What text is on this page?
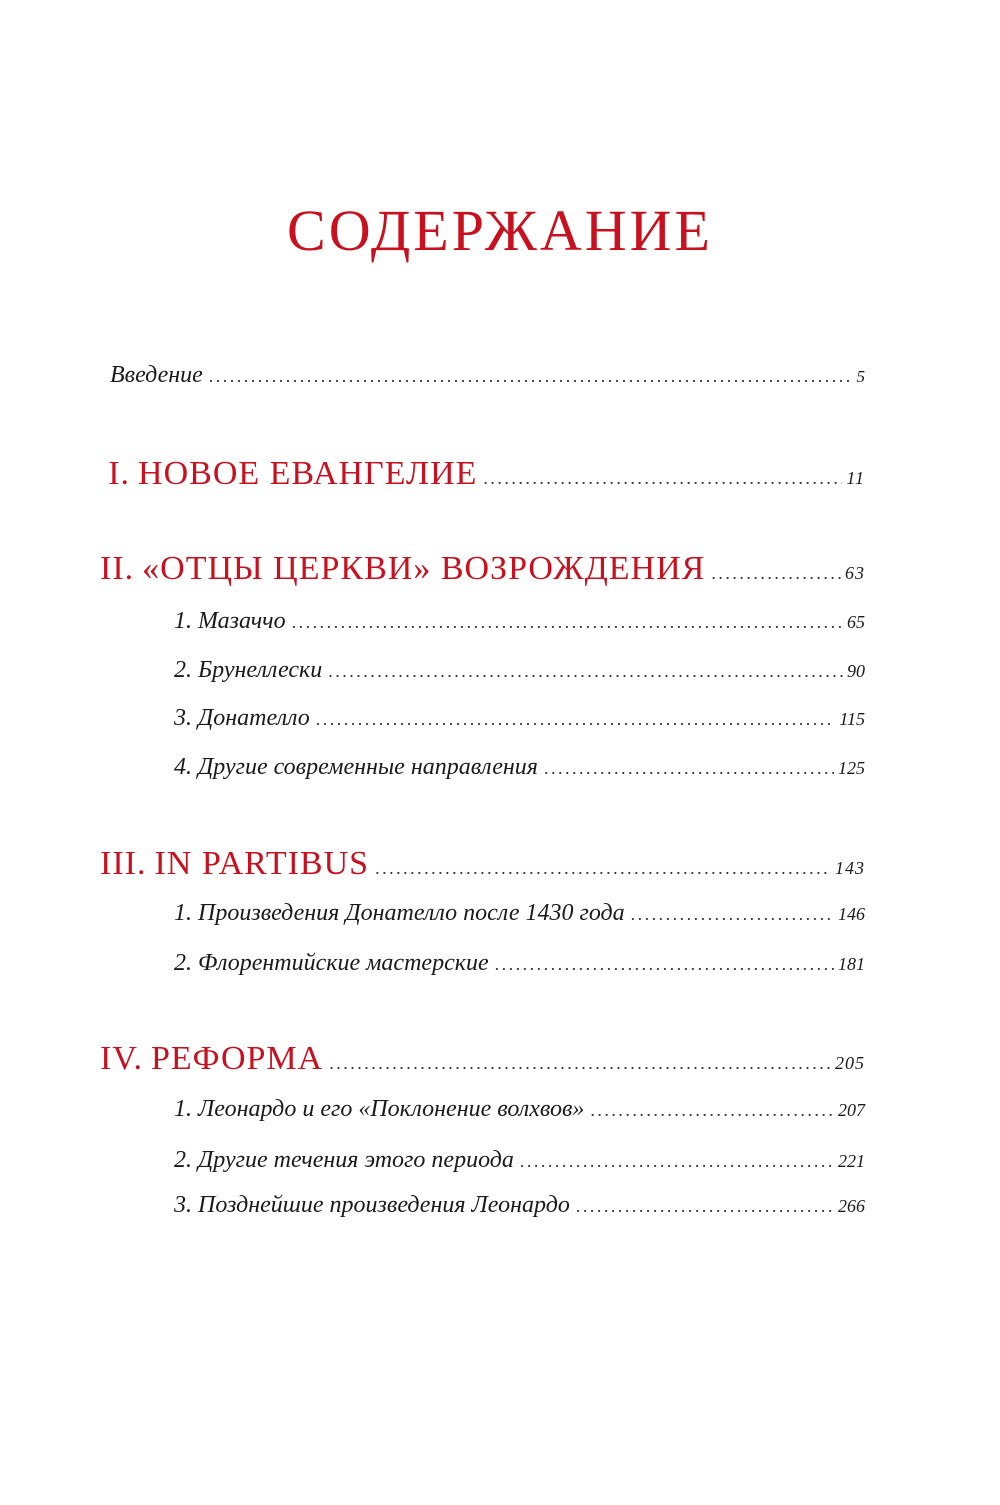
СОДЕРЖАНИЕ
Введение . . .	5
I. НОВОЕ ЕВАНГЕЛИЕ . . .	11
II. «ОТЦЫ ЦЕРКВИ» ВОЗРОЖДЕНИЯ . . .	63
1. Мазаччо . . .	65
2. Брунеллески . . .	90
3. Донателло . . .	115
4. Другие современные направления . . .	125
III. IN PARTIBUS . . .	143
1. Произведения Донателло после 1430 года . . .	146
2. Флорентийские мастерские . . .	181
IV. РЕФОРМА . . .	205
1. Леонардо и его «Поклонение волхвов» . . .	207
2. Другие течения этого периода . . .	221
3. Позднейшие произведения Леонардо . . .	266
